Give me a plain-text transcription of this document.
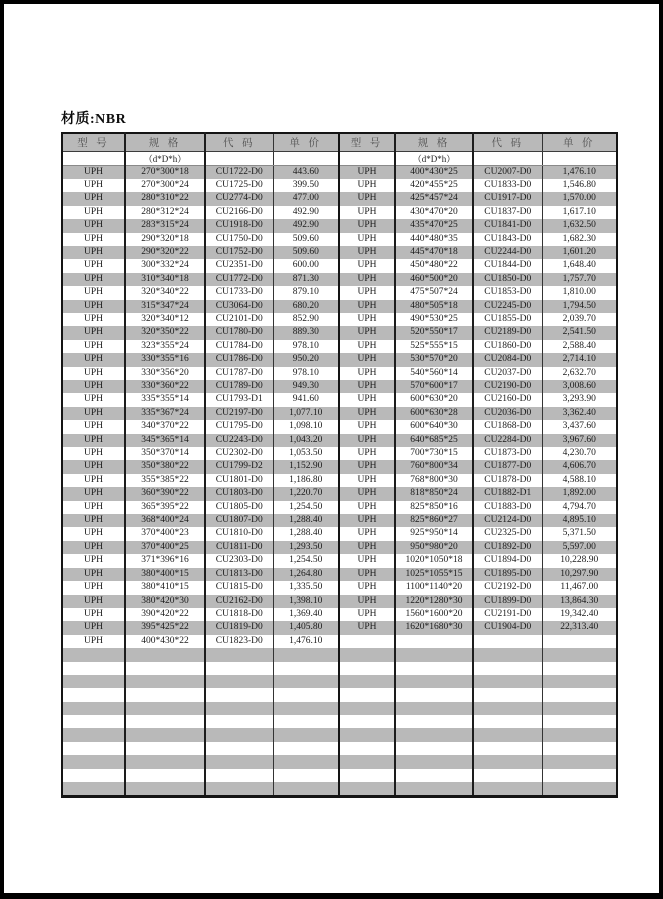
材质:NBR
型 号	规 格	代 码	单 价	型 号	规 格	代 码	单 价
	（d*D*h）				（d*D*h）		
UPH	270*300*18	CU1722-D0	443.60	UPH	400*430*25	CU2007-D0	1,476.10
UPH	270*300*24	CU1725-D0	399.50	UPH	420*455*25	CU1833-D0	1,546.80
UPH	280*310*22	CU2774-D0	477.00	UPH	425*457*24	CU1917-D0	1,570.00
UPH	280*312*24	CU2166-D0	492.90	UPH	430*470*20	CU1837-D0	1,617.10
UPH	283*315*24	CU1918-D0	492.90	UPH	435*470*25	CU1841-D0	1,632.50
UPH	290*320*18	CU1750-D0	509.60	UPH	440*480*35	CU1843-D0	1,682.30
UPH	290*320*22	CU1752-D0	509.60	UPH	445*470*18	CU2244-D0	1,601.20
UPH	300*332*24	CU2351-D0	600.00	UPH	450*480*22	CU1844-D0	1,648.40
UPH	310*340*18	CU1772-D0	871.30	UPH	460*500*20	CU1850-D0	1,757.70
UPH	320*340*22	CU1733-D0	879.10	UPH	475*507*24	CU1853-D0	1,810.00
UPH	315*347*24	CU3064-D0	680.20	UPH	480*505*18	CU2245-D0	1,794.50
UPH	320*340*12	CU2101-D0	852.90	UPH	490*530*25	CU1855-D0	2,039.70
UPH	320*350*22	CU1780-D0	889.30	UPH	520*550*17	CU2189-D0	2,541.50
UPH	323*355*24	CU1784-D0	978.10	UPH	525*555*15	CU1860-D0	2,588.40
UPH	330*355*16	CU1786-D0	950.20	UPH	530*570*20	CU2084-D0	2,714.10
UPH	330*356*20	CU1787-D0	978.10	UPH	540*560*14	CU2037-D0	2,632.70
UPH	330*360*22	CU1789-D0	949.30	UPH	570*600*17	CU2190-D0	3,008.60
UPH	335*355*14	CU1793-D1	941.60	UPH	600*630*20	CU2160-D0	3,293.90
UPH	335*367*24	CU2197-D0	1,077.10	UPH	600*630*28	CU2036-D0	3,362.40
UPH	340*370*22	CU1795-D0	1,098.10	UPH	600*640*30	CU1868-D0	3,437.60
UPH	345*365*14	CU2243-D0	1,043.20	UPH	640*685*25	CU2284-D0	3,967.60
UPH	350*370*14	CU2302-D0	1,053.50	UPH	700*730*15	CU1873-D0	4,230.70
UPH	350*380*22	CU1799-D2	1,152.90	UPH	760*800*34	CU1877-D0	4,606.70
UPH	355*385*22	CU1801-D0	1,186.80	UPH	768*800*30	CU1878-D0	4,588.10
UPH	360*390*22	CU1803-D0	1,220.70	UPH	818*850*24	CU1882-D1	1,892.00
UPH	365*395*22	CU1805-D0	1,254.50	UPH	825*850*16	CU1883-D0	4,794.70
UPH	368*400*24	CU1807-D0	1,288.40	UPH	825*860*27	CU2124-D0	4,895.10
UPH	370*400*23	CU1810-D0	1,288.40	UPH	925*950*14	CU2325-D0	5,371.50
UPH	370*400*25	CU1811-D0	1,293.50	UPH	950*980*20	CU1892-D0	5,597.00
UPH	371*396*16	CU2303-D0	1,254.50	UPH	1020*1050*18	CU1894-D0	10,228.90
UPH	380*400*15	CU1813-D0	1,264.80	UPH	1025*1055*15	CU1895-D0	10,297.90
UPH	380*410*15	CU1815-D0	1,335.50	UPH	1100*1140*20	CU2192-D0	11,467.00
UPH	380*420*30	CU2162-D0	1,398.10	UPH	1220*1280*30	CU1899-D0	13,864.30
UPH	390*420*22	CU1818-D0	1,369.40	UPH	1560*1600*20	CU2191-D0	19,342.40
UPH	395*425*22	CU1819-D0	1,405.80	UPH	1620*1680*30	CU1904-D0	22,313.40
UPH	400*430*22	CU1823-D0	1,476.10				
